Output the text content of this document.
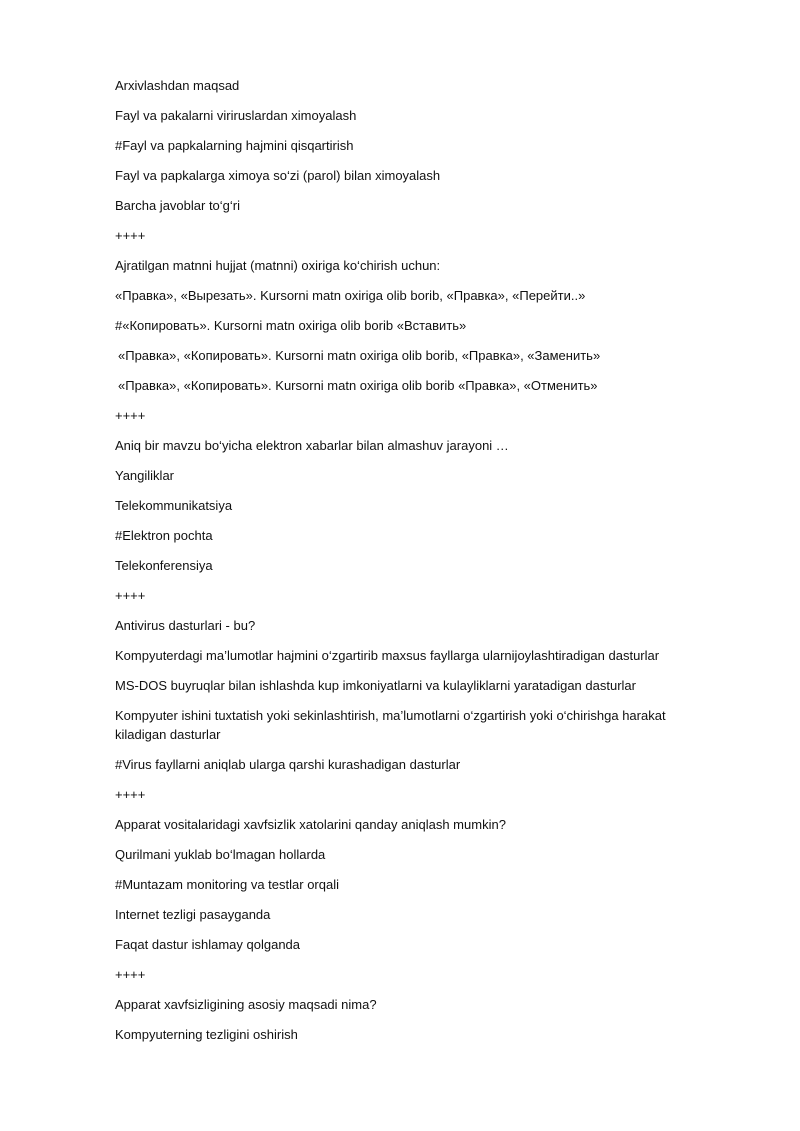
Arxivlashdan maqsad

Fayl va pakalarni viriruslardan ximoyalash

#Fayl va papkalarning hajmini qisqartirish

Fayl va papkalarga ximoya so‘zi (parol) bilan ximoyalash

Barcha javoblar to‘g‘ri

++++

Ajratilgan matnni hujjat (matnni) oxiriga ko‘chirish uchun:

«Правка», «Вырезать». Kursorni matn oxiriga olib borib, «Правка», «Перейти..»

#«Копировать». Kursorni matn oxiriga olib borib «Вставить»

«Правка», «Копировать». Kursorni matn oxiriga olib borib, «Правка», «Заменить»

«Правка», «Копировать». Kursorni matn oxiriga olib borib «Правка», «Отменить»

++++

Aniq bir mavzu bo‘yicha elektron xabarlar bilan almashuv jarayoni …

Yangiliklar

Telekommunikatsiya

#Elektron pochta

Telekonferensiya

++++

Antivirus dasturlari - bu?

Kompyuterdagi ma’lumotlar hajmini o‘zgartirib maxsus fayllarga ularnijoylashtiradigan dasturlar

MS-DOS buyruqlar bilan ishlashda kup imkoniyatlarni va kulayliklarni yaratadigan dasturlar

Kompyuter ishini tuxtatish yoki sekinlashtirish, ma’lumotlarni o‘zgartirish yoki o‘chirishga harakat kiladigan dasturlar

#Virus fayllarni aniqlab ularga qarshi kurashadigan dasturlar

++++

Apparat vositalaridagi xavfsizlik xatolarini qanday aniqlash mumkin?

Qurilmani yuklab bo‘lmagan hollarda

#Muntazam monitoring va testlar orqali

Internet tezligi pasayganda

Faqat dastur ishlamay qolganda

++++

Apparat xavfsizligining asosiy maqsadi nima?

Kompyuterning tezligini oshirish
